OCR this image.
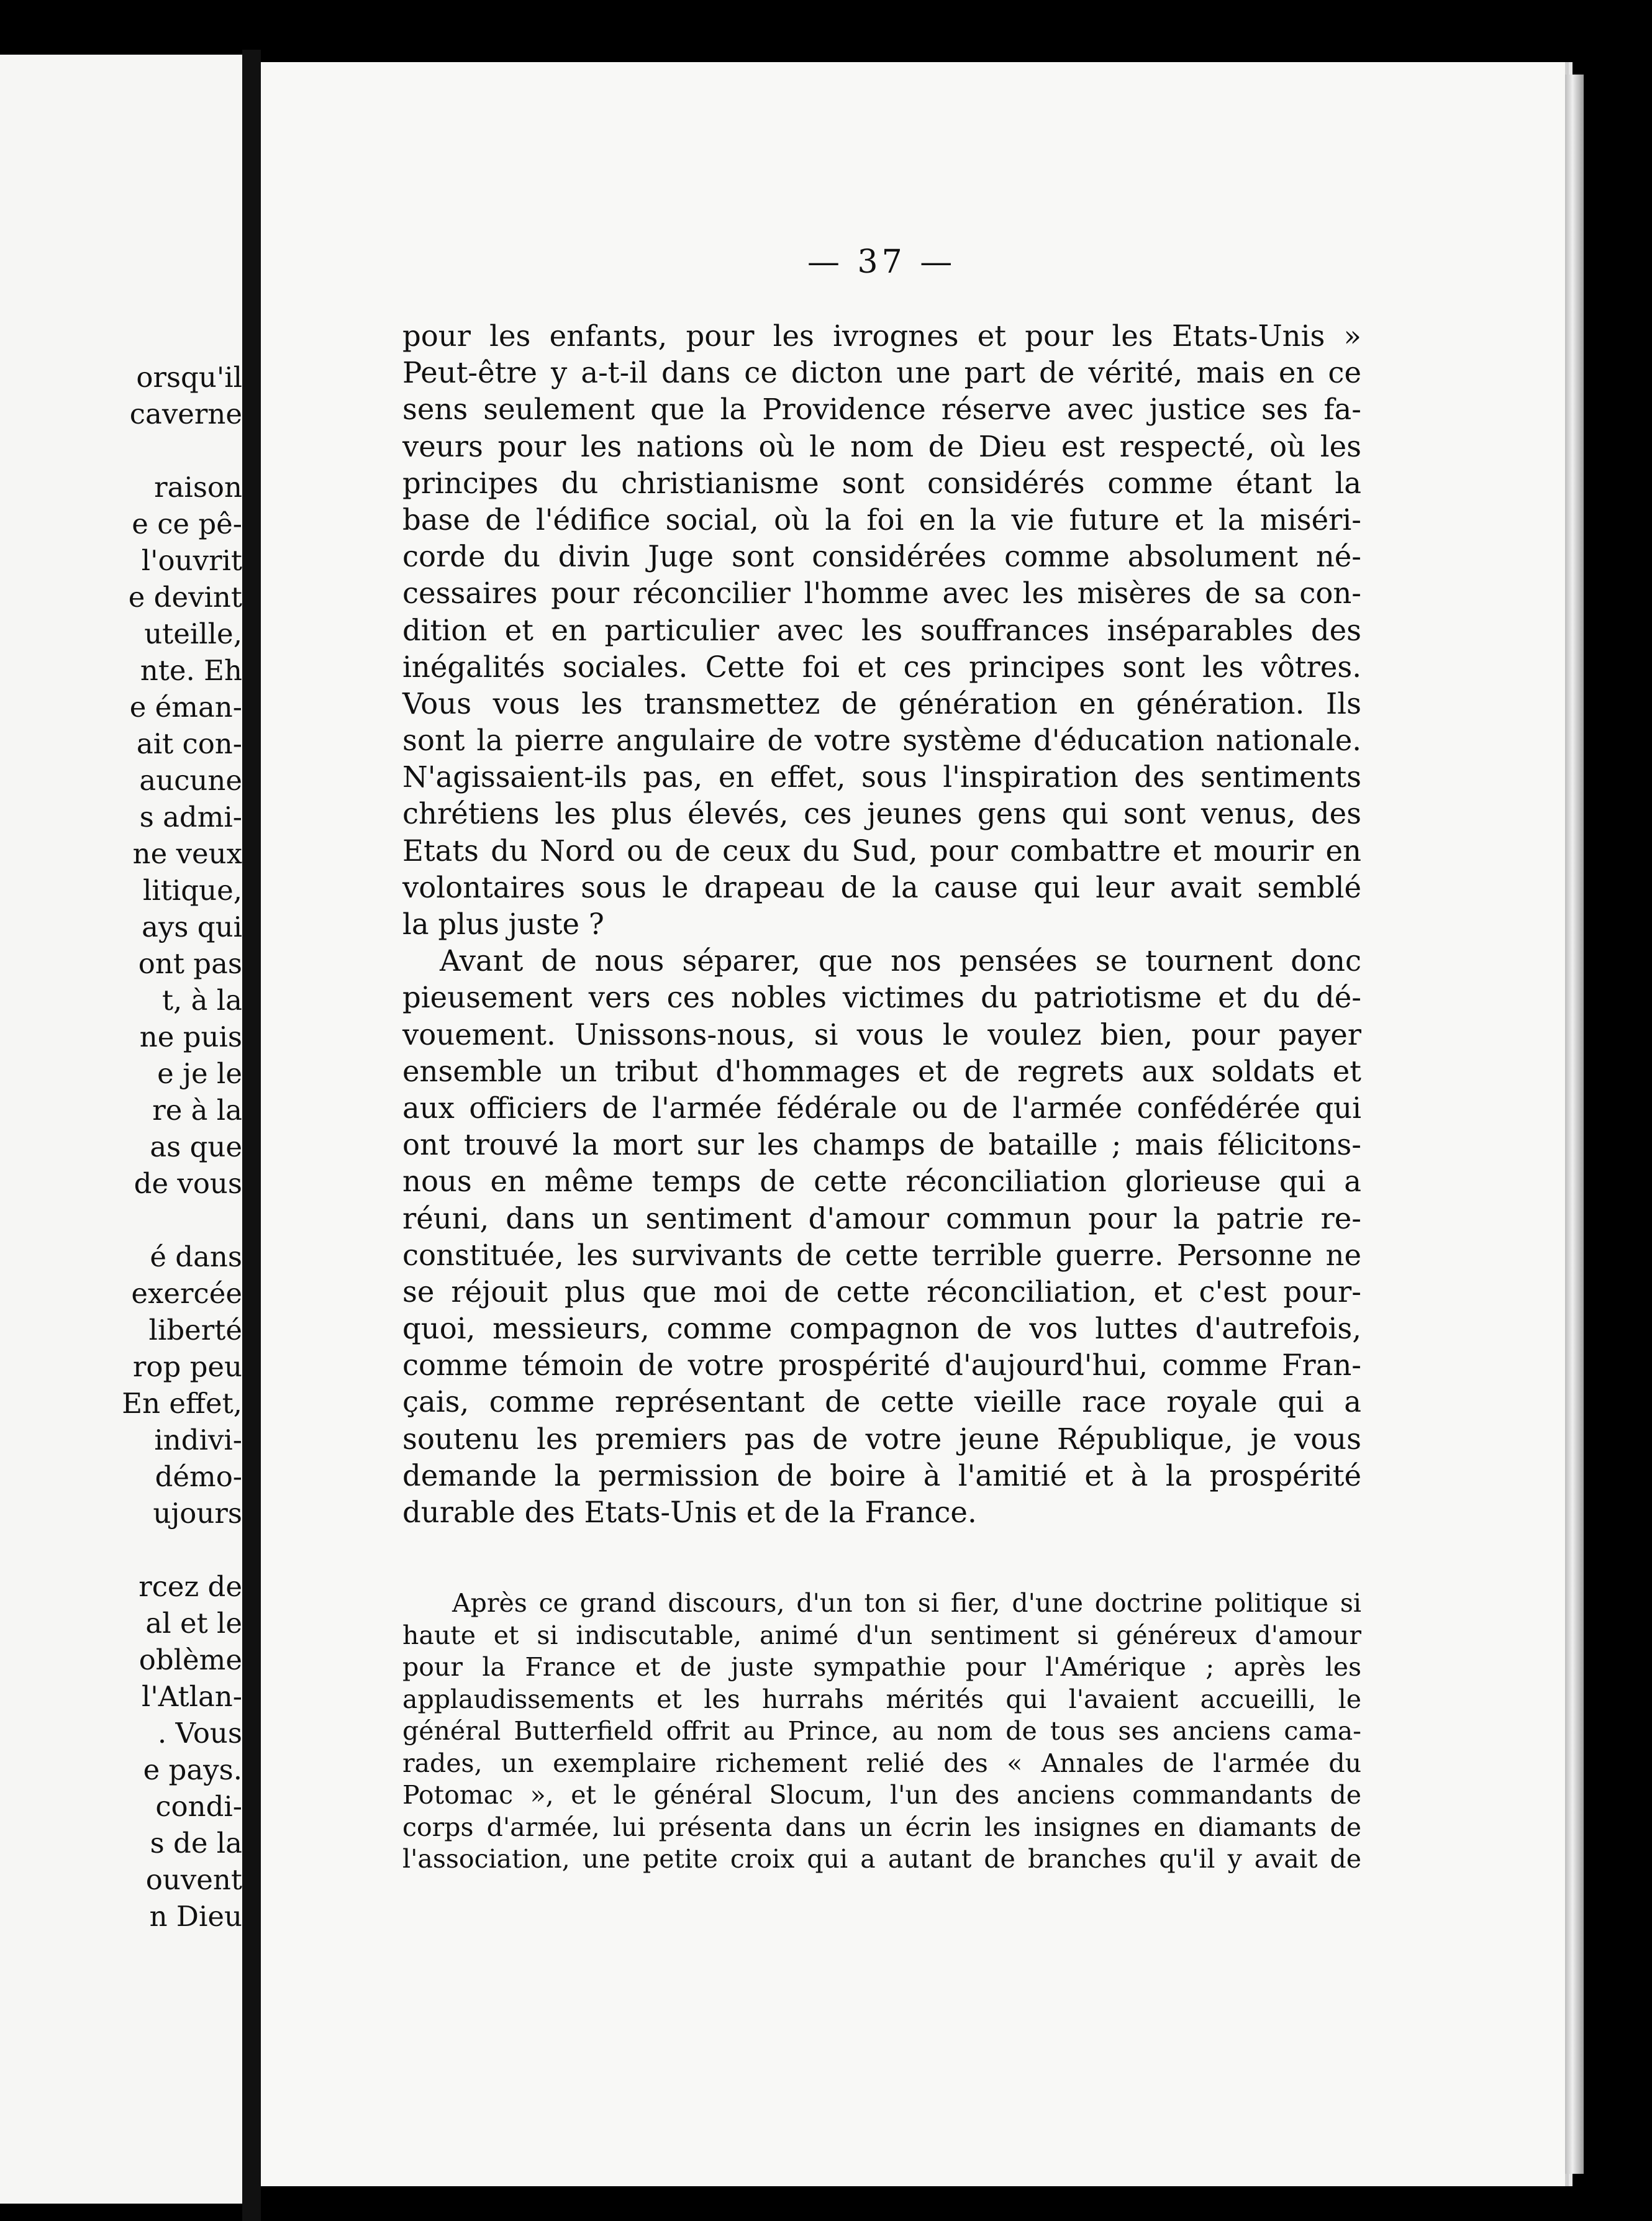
orsqu'il
caverne
raison
e ce pê-
l'ouvrit
e devint
uteille,
nte. Eh
e éman-
ait con-
aucune
s admi-
ne veux
litique,
ays qui
ont pas
t, à la
ne puis
e je le
re à la
as que
de vous
é dans
exercée
liberté
rop peu
En effet,
indivi-
démo-
ujours
rcez de
al et le
oblème
l'Atlan-
. Vous
e pays.
condi-
s de la
ouvent
n Dieu
— 37 —
pour les enfants, pour les ivrognes et pour les Etats-Unis »
Peut-être y a-t-il dans ce dicton une part de vérité, mais en ce
sens seulement que la Providence réserve avec justice ses fa-
veurs pour les nations où le nom de Dieu est respecté, où les
principes du christianisme sont considérés comme étant la
base de l'édifice social, où la foi en la vie future et la miséri-
corde du divin Juge sont considérées comme absolument né-
cessaires pour réconcilier l'homme avec les misères de sa con-
dition et en particulier avec les souffrances inséparables des
inégalités sociales. Cette foi et ces principes sont les vôtres.
Vous vous les transmettez de génération en génération. Ils
sont la pierre angulaire de votre système d'éducation nationale.
N'agissaient-ils pas, en effet, sous l'inspiration des sentiments
chrétiens les plus élevés, ces jeunes gens qui sont venus, des
Etats du Nord ou de ceux du Sud, pour combattre et mourir en
volontaires sous le drapeau de la cause qui leur avait semblé
la plus juste ?
Avant de nous séparer, que nos pensées se tournent donc
pieusement vers ces nobles victimes du patriotisme et du dé-
vouement. Unissons-nous, si vous le voulez bien, pour payer
ensemble un tribut d'hommages et de regrets aux soldats et
aux officiers de l'armée fédérale ou de l'armée confédérée qui
ont trouvé la mort sur les champs de bataille ; mais félicitons-
nous en même temps de cette réconciliation glorieuse qui a
réuni, dans un sentiment d'amour commun pour la patrie re-
constituée, les survivants de cette terrible guerre. Personne ne
se réjouit plus que moi de cette réconciliation, et c'est pour-
quoi, messieurs, comme compagnon de vos luttes d'autrefois,
comme témoin de votre prospérité d'aujourd'hui, comme Fran-
çais, comme représentant de cette vieille race royale qui a
soutenu les premiers pas de votre jeune République, je vous
demande la permission de boire à l'amitié et à la prospérité
durable des Etats-Unis et de la France.
Après ce grand discours, d'un ton si fier, d'une doctrine politique si
haute et si indiscutable, animé d'un sentiment si généreux d'amour
pour la France et de juste sympathie pour l'Amérique ; après les
applaudissements et les hurrahs mérités qui l'avaient accueilli, le
général Butterfield offrit au Prince, au nom de tous ses anciens cama-
rades, un exemplaire richement relié des « Annales de l'armée du
Potomac », et le général Slocum, l'un des anciens commandants de
corps d'armée, lui présenta dans un écrin les insignes en diamants de
l'association, une petite croix qui a autant de branches qu'il y avait de
